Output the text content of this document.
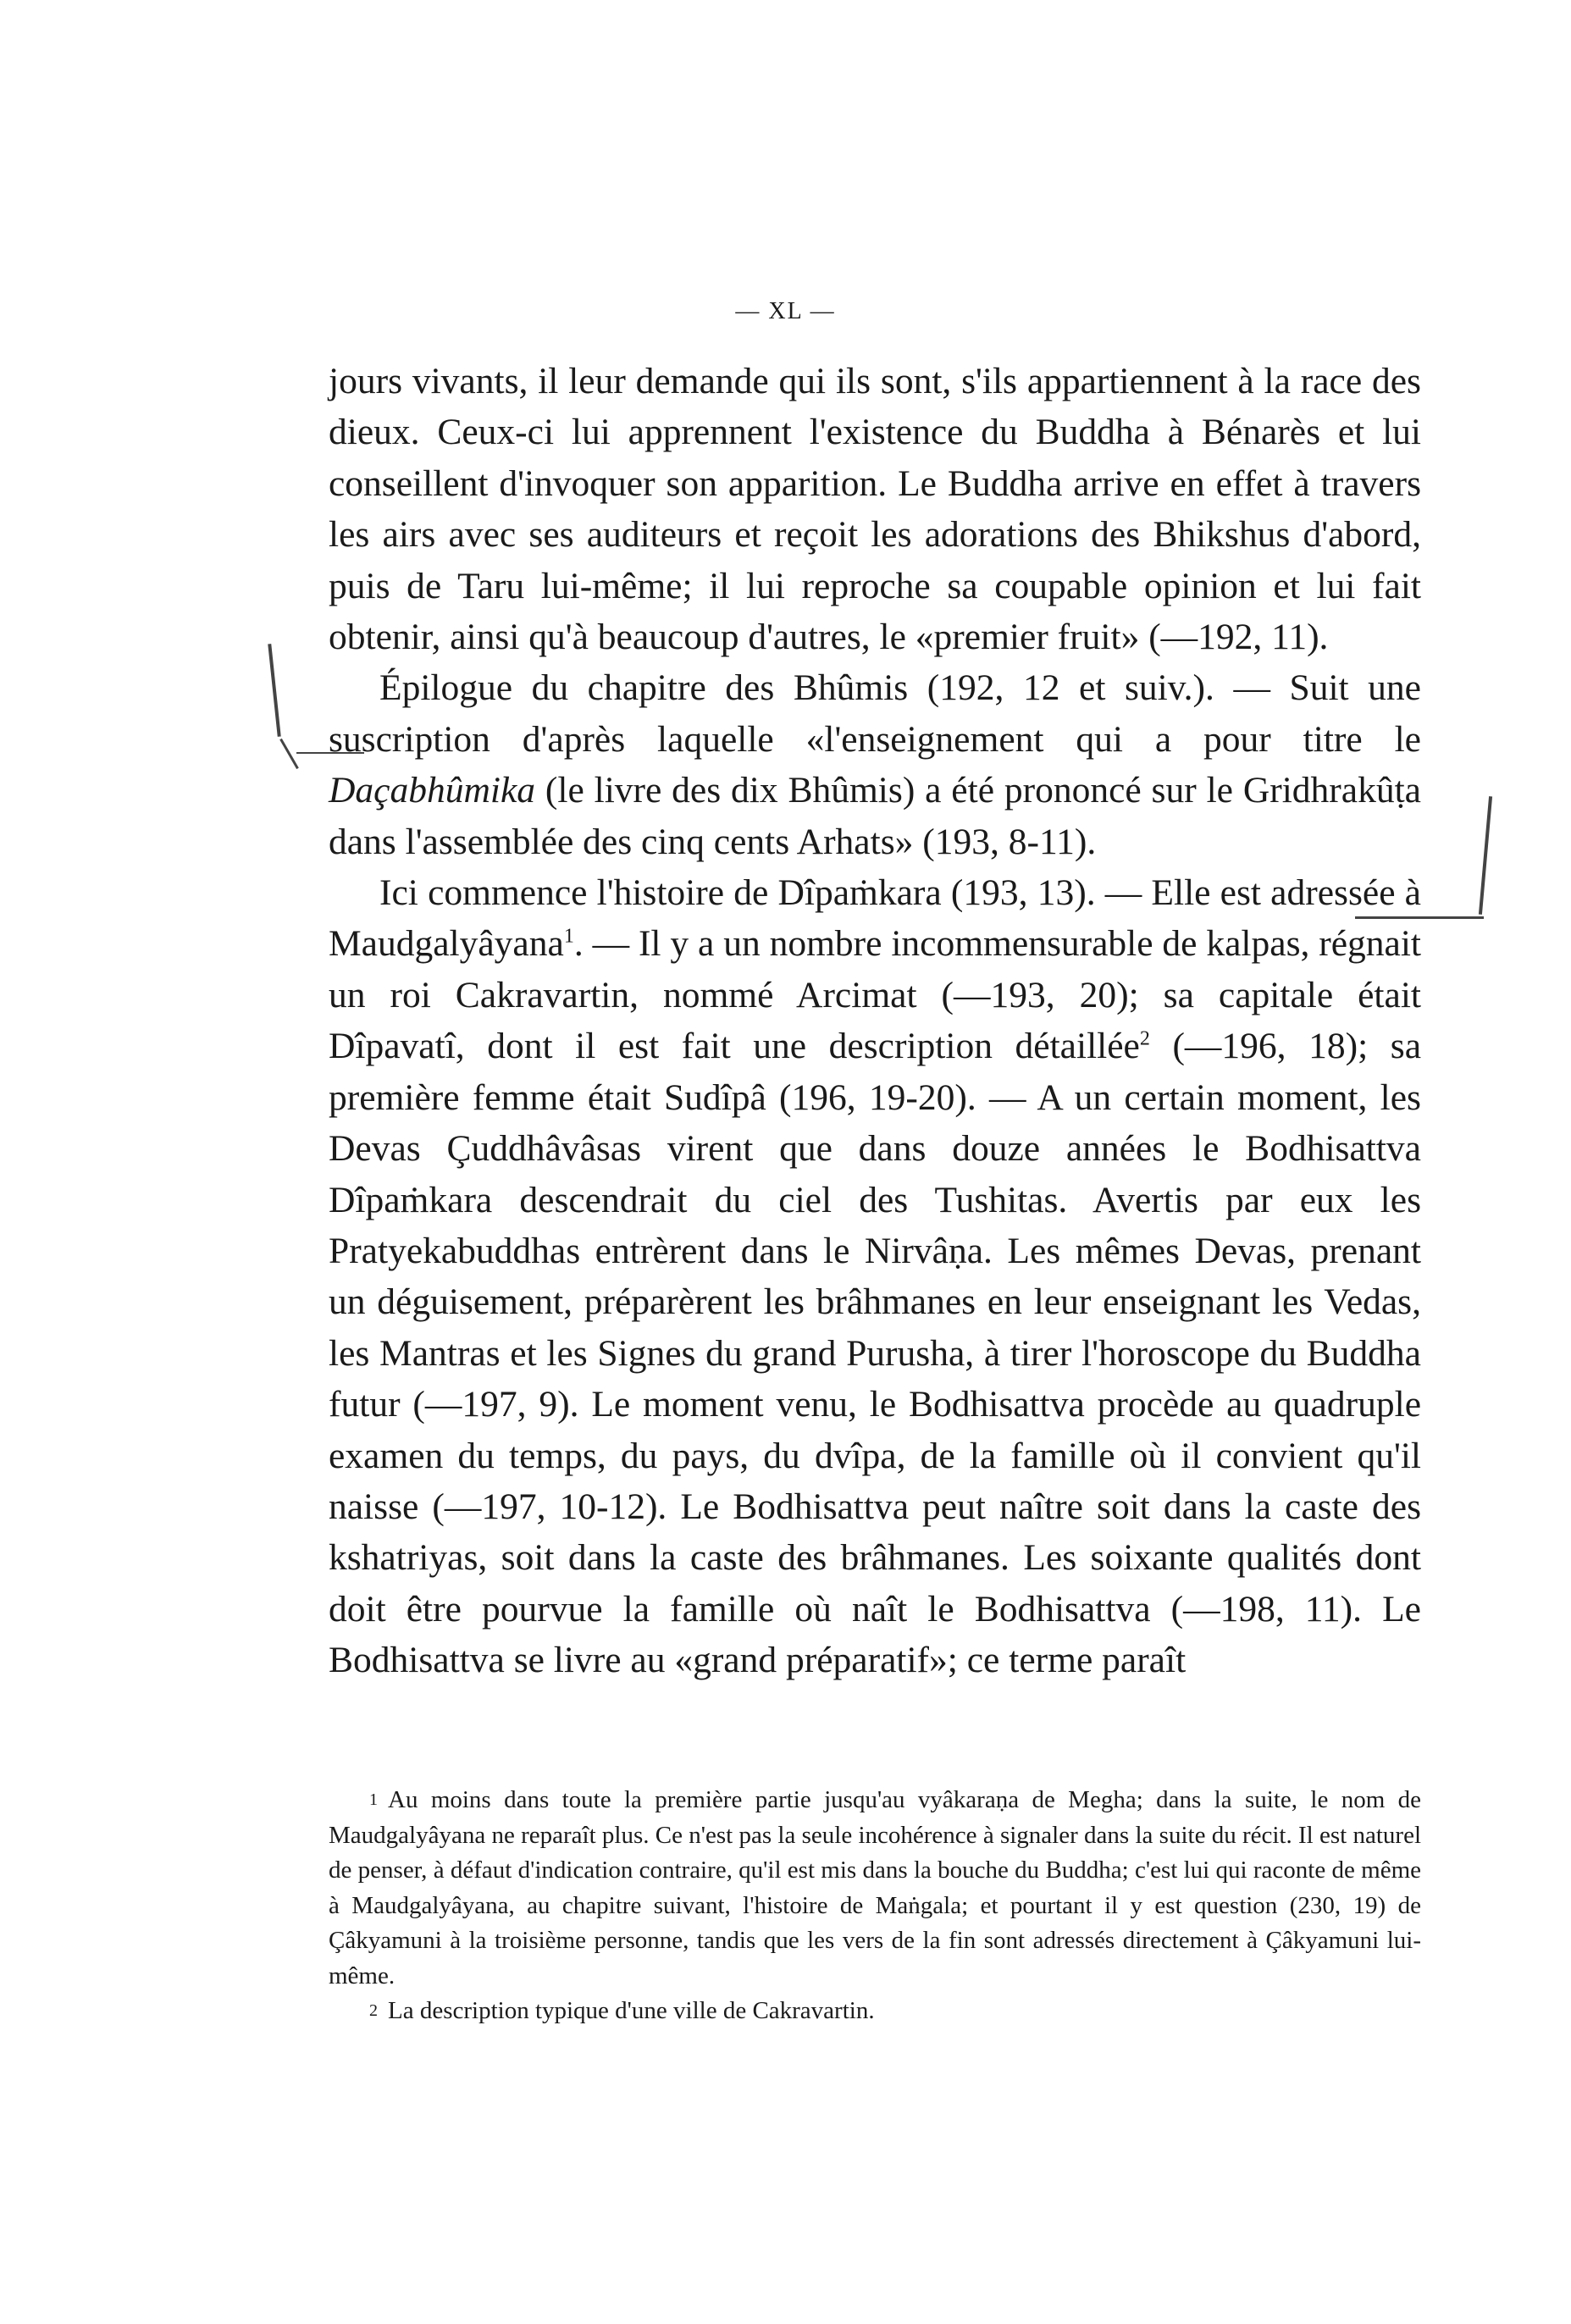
— XL —

jours vivants, il leur demande qui ils sont, s'ils appartiennent à la race des dieux. Ceux-ci lui apprennent l'existence du Buddha à Bénarès et lui conseillent d'invoquer son apparition. Le Buddha arrive en effet à travers les airs avec ses auditeurs et reçoit les adorations des Bhikshus d'abord, puis de Taru lui-même; il lui reproche sa coupable opinion et lui fait obtenir, ainsi qu'à beaucoup d'autres, le «premier fruit» (—192, 11).

Épilogue du chapitre des Bhûmis (192, 12 et suiv.). — Suit une suscription d'après laquelle «l'enseignement qui a pour titre le Daçabhûmika (le livre des dix Bhûmis) a été prononcé sur le Gridhrakûṭa dans l'assemblée des cinq cents Arhats» (193, 8-11).

Ici commence l'histoire de Dîpaṁkara (193, 13). — Elle est adressée à Maudgalyâyana$^1$. — Il y a un nombre incommensurable de kalpas, régnait un roi Cakravartin, nommé Arcimat (—193, 20); sa capitale était Dîpavatî, dont il est fait une description détaillée$^2$ (—196, 18); sa première femme était Sudîpâ (196, 19-20). — A un certain moment, les Devas Çuddhâvâsas virent que dans douze années le Bodhisattva Dîpaṁkara descendrait du ciel des Tushitas. Avertis par eux les Pratyekabuddhas entrèrent dans le Nirvâṇa. Les mêmes Devas, prenant un déguisement, préparèrent les brâhmanes en leur enseignant les Vedas, les Mantras et les Signes du grand Purusha, à tirer l'horoscope du Buddha futur (—197, 9). Le moment venu, le Bodhisattva procède au quadruple examen du temps, du pays, du dvîpa, de la famille où il convient qu'il naisse (—197, 10-12). Le Bodhisattva peut naître soit dans la caste des kshatriyas, soit dans la caste des brâhmanes. Les soixante qualités dont doit être pourvue la famille où naît le Bodhisattva (—198, 11). Le Bodhisattva se livre au «grand préparatif»; ce terme paraît

$^1$ Au moins dans toute la première partie jusqu'au vyâkaraṇa de Megha; dans la suite, le nom de Maudgalyâyana ne reparaît plus. Ce n'est pas la seule incohérence à signaler dans la suite du récit. Il est naturel de penser, à défaut d'indication contraire, qu'il est mis dans la bouche du Buddha; c'est lui qui raconte de même à Maudgalyâyana, au chapitre suivant, l'histoire de Maṅgala; et pourtant il y est question (230, 19) de Çâkyamuni à la troisième personne, tandis que les vers de la fin sont adressés directement à Çâkyamuni lui-même.

$^2$ La description typique d'une ville de Cakravartin.
